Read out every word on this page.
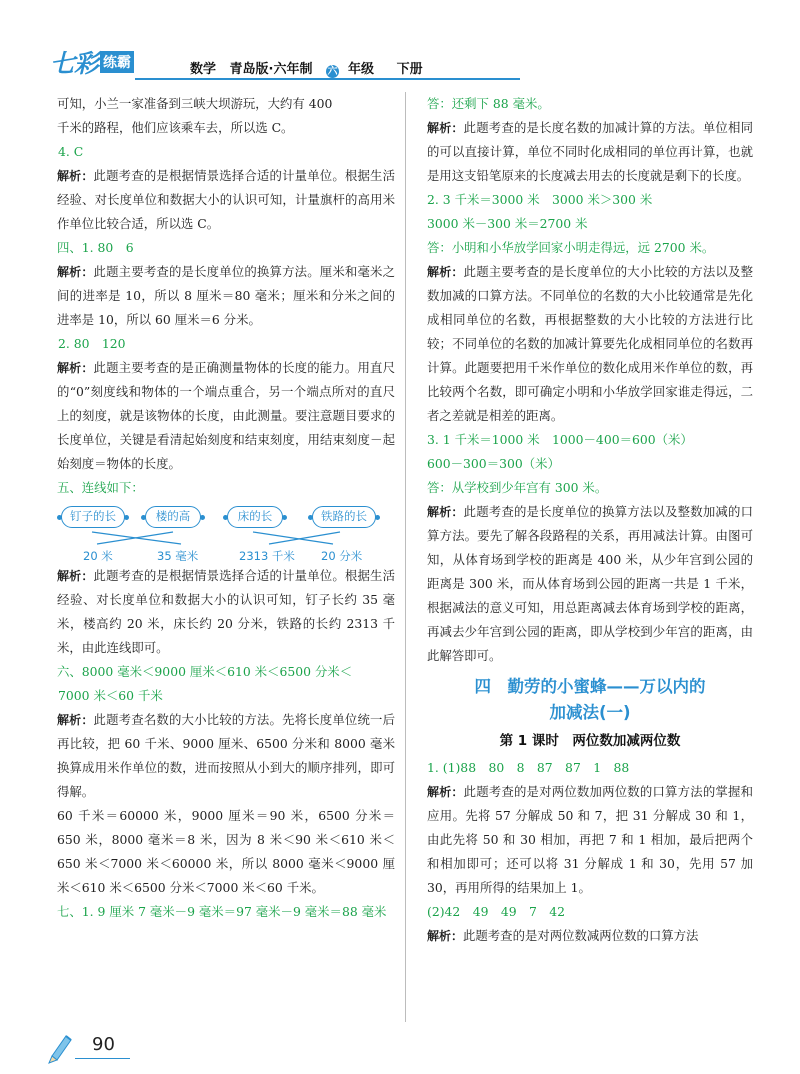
七彩 练霸	数学 青岛版·六年制 六 年级 下册
可知，小兰一家准备到三峡大坝游玩，大约有 400
千米的路程，他们应该乘车去，所以选 C。
4. C
解析：此题考查的是根据情景选择合适的计量单位。根据生活经验、对长度单位和数据大小的认识可知，计量旗杆的高用米作单位比较合适，所以选 C。
四、1. 80　6
解析：此题主要考查的是长度单位的换算方法。厘米和毫米之间的进率是 10，所以 8 厘米＝80 毫米；厘米和分米之间的进率是 10，所以 60 厘米＝6 分米。
2. 80　120
解析：此题主要考查的是正确测量物体的长度的能力。用直尺的“0”刻度线和物体的一个端点重合，另一个端点所对的直尺上的刻度，就是该物体的长度，由此测量。要注意题目要求的长度单位，关键是看清起始刻度和结束刻度，用结束刻度－起始刻度＝物体的长度。
五、连线如下：
钉子的长	楼的高	床的长	铁路的长
20 米	35 毫米	2313 千米 20 分米
解析：此题考查的是根据情景选择合适的计量单位。根据生活经验、对长度单位和数据大小的认识可知，钉子长约 35 毫米，楼高约 20 米，床长约 20 分米，铁路的长约 2313 千米，由此连线即可。
六、8000 毫米＜9000 厘米＜610 米＜6500 分米＜
7000 米＜60 千米
解析：此题考查名数的大小比较的方法。先将长度单位统一后再比较，把 60 千米、9000 厘米、6500 分米和 8000 毫米换算成用米作单位的数，进而按照从小到大的顺序排列，即可得解。
60 千米＝60000 米，9000 厘米＝90 米，6500 分米＝650 米，8000 毫米＝8 米，因为 8 米＜90 米＜610 米＜650 米＜7000 米＜60000 米，所以 8000 毫米＜9000 厘米＜610 米＜6500 分米＜7000 米＜60 千米。
七、1. 9 厘米 7 毫米－9 毫米＝97 毫米－9 毫米＝88 毫米
答：还剩下 88 毫米。
解析：此题考查的是长度名数的加减计算的方法。单位相同的可以直接计算，单位不同时化成相同的单位再计算，也就是用这支铅笔原来的长度减去用去的长度就是剩下的长度。
2. 3 千米＝3000 米　3000 米＞300 米
3000 米－300 米＝2700 米
答：小明和小华放学回家小明走得远，远 2700 米。
解析：此题主要考查的是长度单位的大小比较的方法以及整数加减的口算方法。不同单位的名数的大小比较通常是先化成相同单位的名数，再根据整数的大小比较的方法进行比较；不同单位的名数的加减计算要先化成相同单位的名数再计算。此题要把用千米作单位的数化成用米作单位的数，再比较两个名数，即可确定小明和小华放学回家谁走得远，二者之差就是相差的距离。
3. 1 千米＝1000 米　1000－400＝600（米）
600－300＝300（米）
答：从学校到少年宫有 300 米。
解析：此题考查的是长度单位的换算方法以及整数加减的口算方法。要先了解各段路程的关系，再用减法计算。由图可知，从体育场到学校的距离是 400 米，从少年宫到公园的距离是 300 米，而从体育场到公园的距离一共是 1 千米，根据减法的意义可知，用总距离减去体育场到学校的距离，再减去少年宫到公园的距离，即从学校到少年宫的距离，由此解答即可。
四　勤劳的小蜜蜂——万以内的
加减法(一)
第 1 课时　两位数加减两位数
1. (1)88　80　8　87　87　1　88
解析：此题考查的是对两位数加两位数的口算方法的掌握和应用。先将 57 分解成 50 和 7，把 31 分解成 30 和 1，由此先将 50 和 30 相加，再把 7 和 1 相加，最后把两个和相加即可；还可以将 31 分解成 1 和 30，先用 57 加 30，再用所得的结果加上 1。
(2)42　49　49　7　42
解析：此题考查的是对两位数减两位数的口算方法
90
